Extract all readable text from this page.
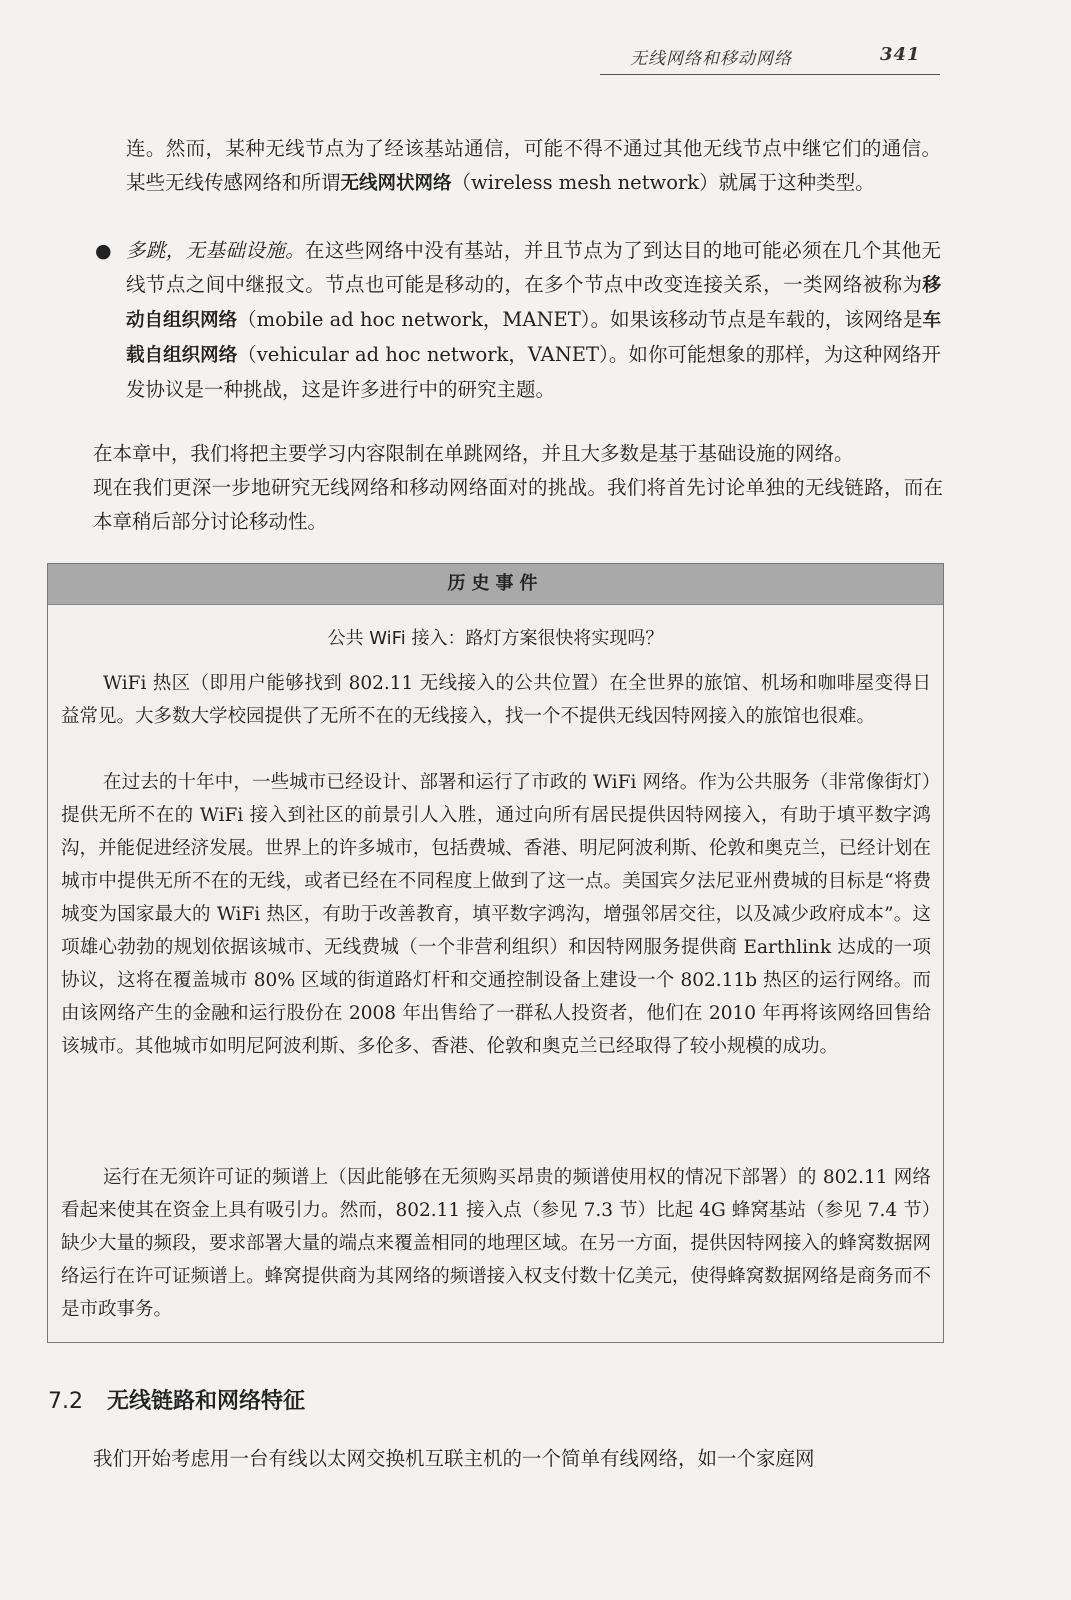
无线网络和移动网络	341

连。然而，某种无线节点为了经该基站通信，可能不得不通过其他无线节点中继它们的通信。某些无线传感网络和所谓无线网状网络（wireless mesh network）就属于这种类型。

● 多跳，无基础设施。在这些网络中没有基站，并且节点为了到达目的地可能必须在几个其他无线节点之间中继报文。节点也可能是移动的，在多个节点中改变连接关系，一类网络被称为移动自组织网络（mobile ad hoc network，MANET）。如果该移动节点是车载的，该网络是车载自组织网络（vehicular ad hoc network，VANET）。如你可能想象的那样，为这种网络开发协议是一种挑战，这是许多进行中的研究主题。

在本章中，我们将把主要学习内容限制在单跳网络，并且大多数是基于基础设施的网络。

现在我们更深一步地研究无线网络和移动网络面对的挑战。我们将首先讨论单独的无线链路，而在本章稍后部分讨论移动性。

历史事件
公共 WiFi 接入：路灯方案很快将实现吗？

WiFi 热区（即用户能够找到 802.11 无线接入的公共位置）在全世界的旅馆、机场和咖啡屋变得日益常见。大多数大学校园提供了无所不在的无线接入，找一个不提供无线因特网接入的旅馆也很难。

在过去的十年中，一些城市已经设计、部署和运行了市政的 WiFi 网络。作为公共服务（非常像街灯）提供无所不在的 WiFi 接入到社区的前景引人入胜，通过向所有居民提供因特网接入，有助于填平数字鸿沟，并能促进经济发展。世界上的许多城市，包括费城、香港、明尼阿波利斯、伦敦和奥克兰，已经计划在城市中提供无所不在的无线，或者已经在不同程度上做到了这一点。美国宾夕法尼亚州费城的目标是“将费城变为国家最大的 WiFi 热区，有助于改善教育，填平数字鸿沟，增强邻居交往，以及减少政府成本”。这项雄心勃勃的规划依据该城市、无线费城（一个非营利组织）和因特网服务提供商 Earthlink 达成的一项协议，这将在覆盖城市 80% 区域的街道路灯杆和交通控制设备上建设一个 802.11b 热区的运行网络。而由该网络产生的金融和运行股份在 2008 年出售给了一群私人投资者，他们在 2010 年再将该网络回售给该城市。其他城市如明尼阿波利斯、多伦多、香港、伦敦和奥克兰已经取得了较小规模的成功。

运行在无须许可证的频谱上（因此能够在无须购买昂贵的频谱使用权的情况下部署）的 802.11 网络看起来使其在资金上具有吸引力。然而，802.11 接入点（参见 7.3 节）比起 4G 蜂窝基站（参见 7.4 节）缺少大量的频段，要求部署大量的端点来覆盖相同的地理区域。在另一方面，提供因特网接入的蜂窝数据网络运行在许可证频谱上。蜂窝提供商为其网络的频谱接入权支付数十亿美元，使得蜂窝数据网络是商务而不是市政事务。

7.2 无线链路和网络特征

我们开始考虑用一台有线以太网交换机互联主机的一个简单有线网络，如一个家庭网
